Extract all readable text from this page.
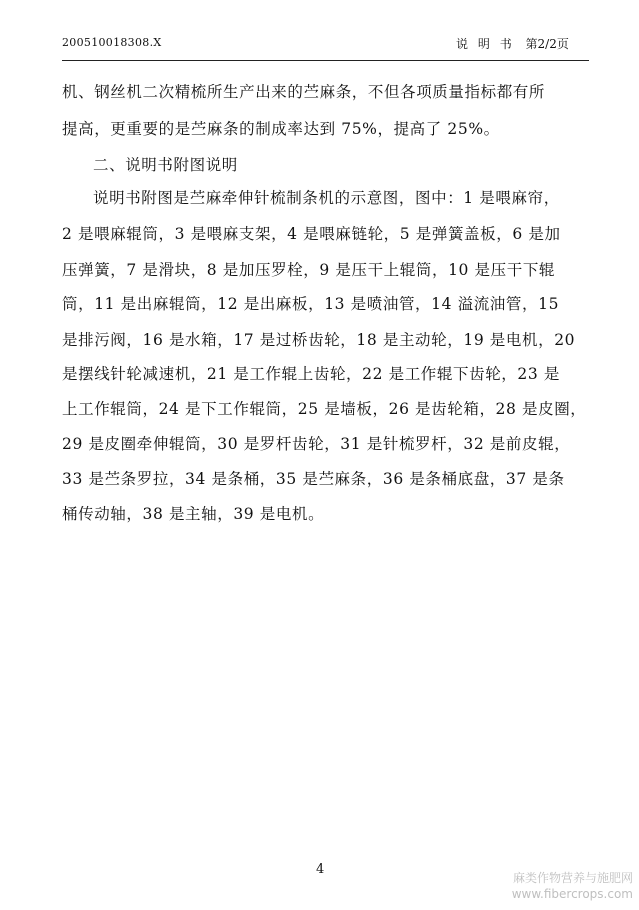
200510018308.X	说 明 书 第2/2页
机、钢丝机二次精梳所生产出来的苎麻条，不但各项质量指标都有所
提高，更重要的是苎麻条的制成率达到 75%，提高了 25%。
二、说明书附图说明
说明书附图是苎麻牵伸针梳制条机的示意图，图中：1 是喂麻帘，
2 是喂麻辊筒，3 是喂麻支架，4 是喂麻链轮，5 是弹簧盖板，6 是加
压弹簧，7 是滑块，8 是加压罗栓，9 是压干上辊筒，10 是压干下辊
筒，11 是出麻辊筒，12 是出麻板，13 是喷油管，14 溢流油管，15
是排污阀，16 是水箱，17 是过桥齿轮，18 是主动轮，19 是电机，20
是摆线针轮减速机，21 是工作辊上齿轮，22 是工作辊下齿轮，23 是
上工作辊筒，24 是下工作辊筒，25 是墙板，26 是齿轮箱，28 是皮圈，
29 是皮圈牵伸辊筒，30 是罗杆齿轮，31 是针梳罗杆，32 是前皮辊，
33 是苎条罗拉，34 是条桶，35 是苎麻条，36 是条桶底盘，37 是条
桶传动轴，38 是主轴，39 是电机。
4
麻类作物营养与施肥网
www.fibercrops.com
